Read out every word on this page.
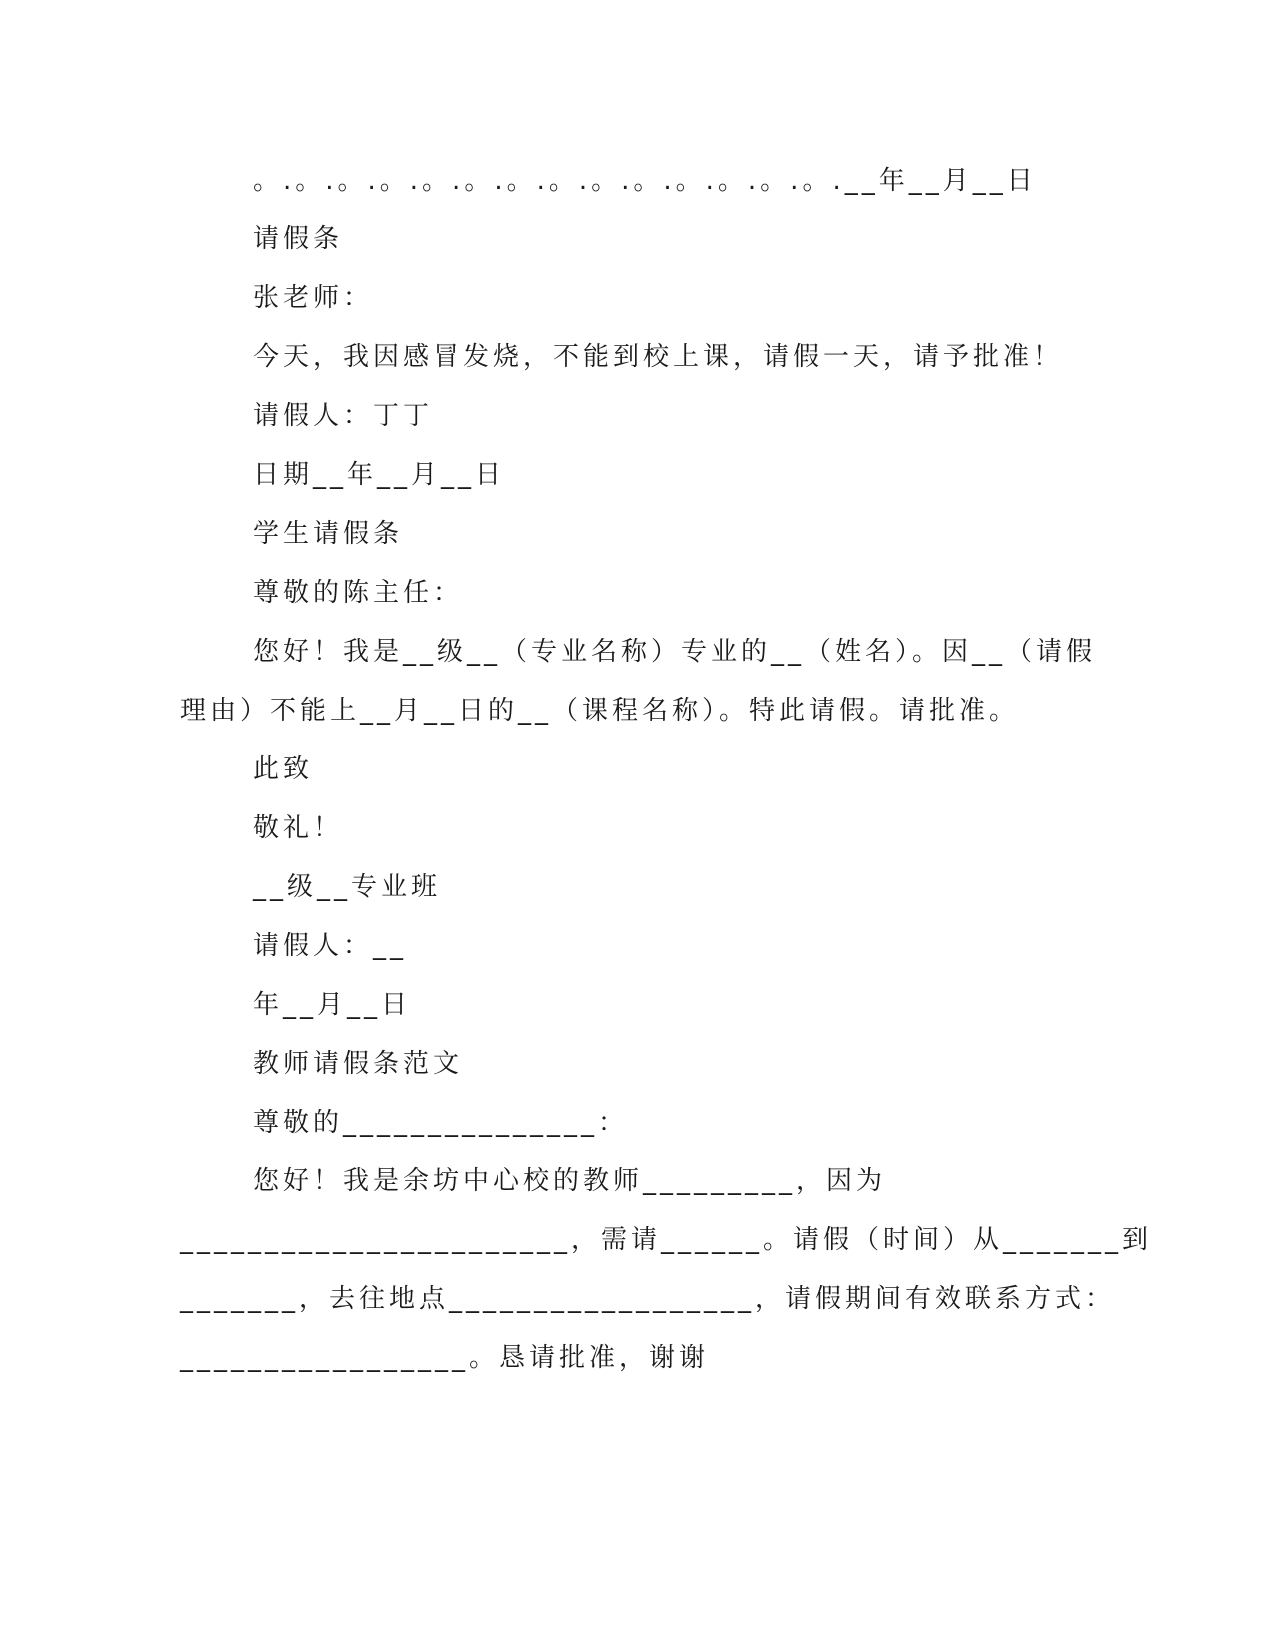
。.。.。.。.。.。.。.。.。.。.。.。.。.。.__年__月__日
请假条
张老师：
今天，我因感冒发烧，不能到校上课，请假一天，请予批准！
请假人：丁丁
日期__年__月__日
学生请假条
尊敬的陈主任：
您好！我是__级__（专业名称）专业的__（姓名）。因__（请假
理由）不能上__月__日的__（课程名称）。特此请假。请批准。
此致
敬礼！
__级__专业班
请假人：__
年__月__日
教师请假条范文
尊敬的_______________：
您好！我是余坊中心校的教师_________，因为
_______________________，需请______。请假（时间）从_______到
_______，去往地点__________________，请假期间有效联系方式：
_________________。恳请批准，谢谢
